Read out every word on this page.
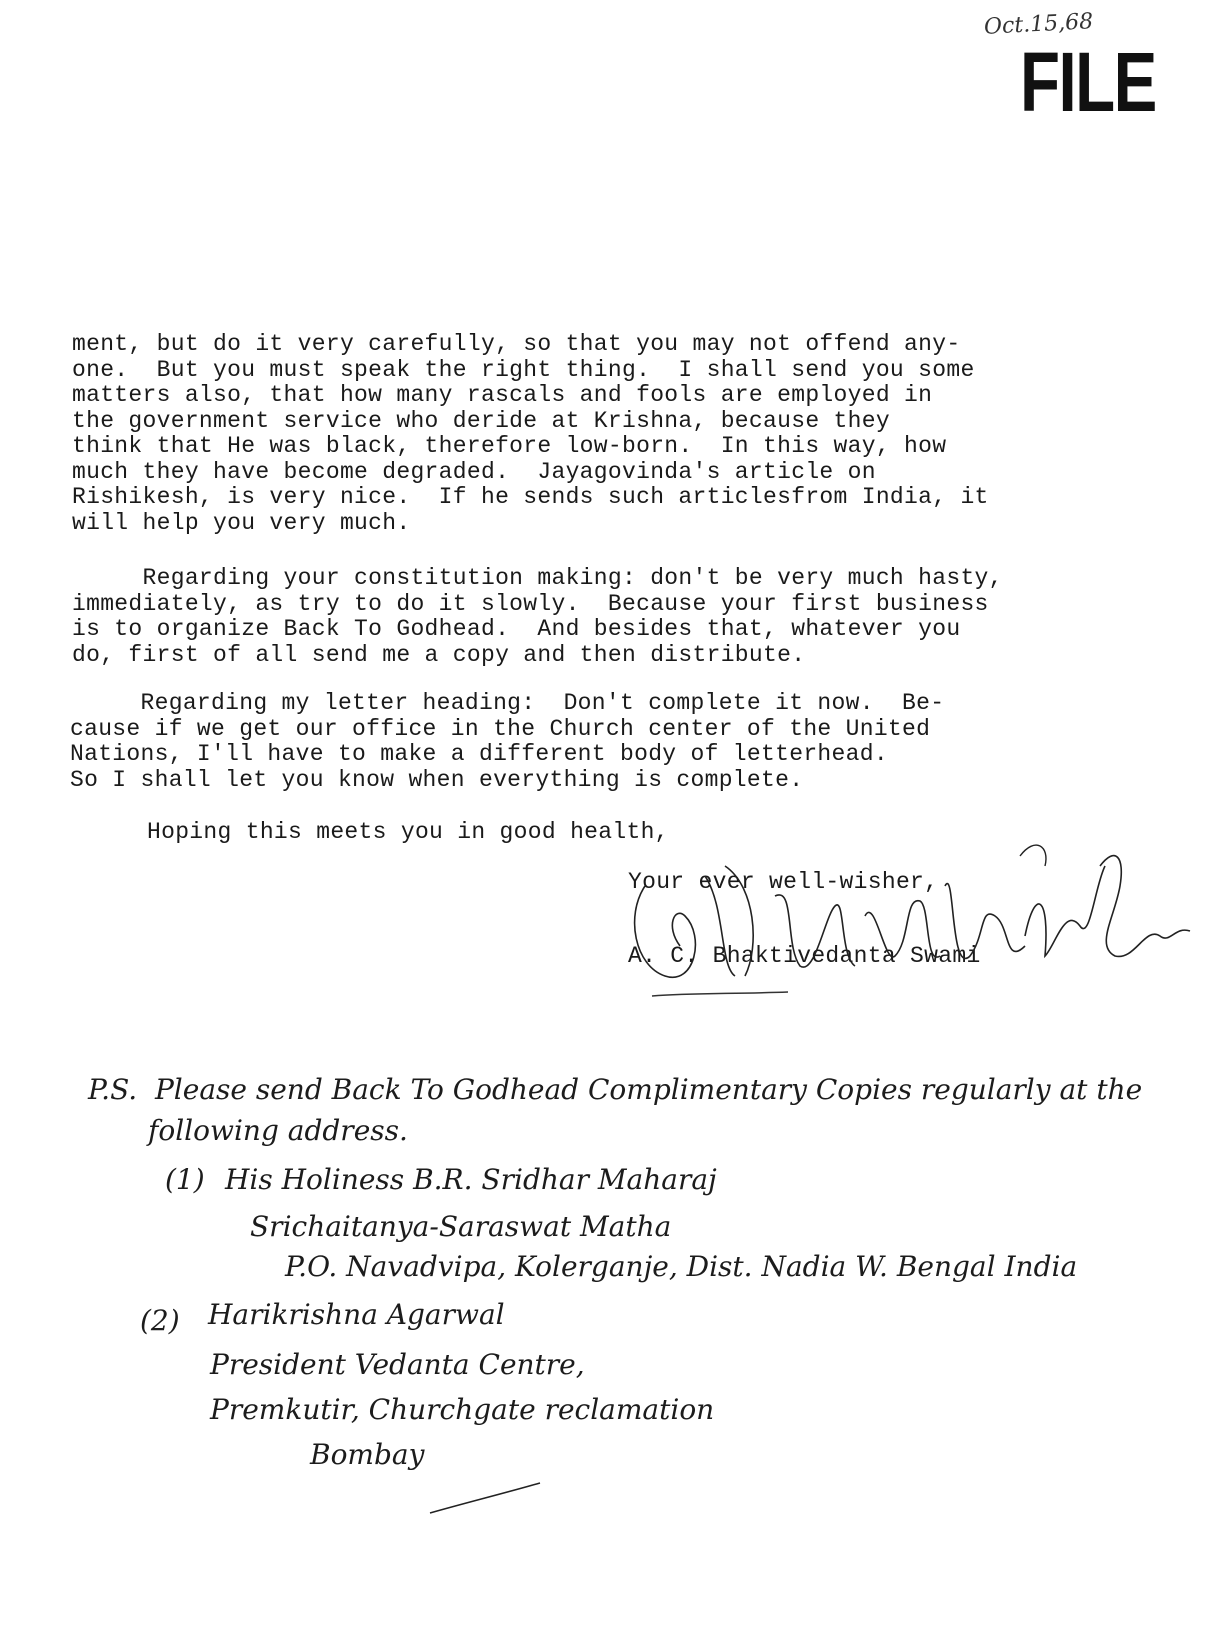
Oct.15,68
FILE
ment, but do it very carefully, so that you may not offend any-
one.  But you must speak the right thing.  I shall send you some
matters also, that how many rascals and fools are employed in
the government service who deride at Krishna, because they
think that He was black, therefore low-born.  In this way, how
much they have become degraded.  Jayagovinda's article on
Rishikesh, is very nice.  If he sends such articlesfrom India, it
will help you very much.
Regarding your constitution making: don't be very much hasty,
immediately, as try to do it slowly.  Because your first business
is to organize Back To Godhead.  And besides that, whatever you
do, first of all send me a copy and then distribute.
Regarding my letter heading:  Don't complete it now.  Be-
cause if we get our office in the Church center of the United
Nations, I'll have to make a different body of letterhead.
So I shall let you know when everything is complete.
Hoping this meets you in good health,
Your ever well-wisher,
A. C. Bhaktivedanta Swami
P.S.  Please send Back To Godhead Complimentary Copies regularly at the
following address.
(1) His Holiness B.R. Sridhar Maharaj
Srichaitanya-Saraswat Matha
P.O. Navadvipa, Kolerganje, Dist. Nadia W. Bengal India
(2) Harikrishna Agarwal
President Vedanta Centre,
Premkutir, Churchgate reclamation
Bombay
